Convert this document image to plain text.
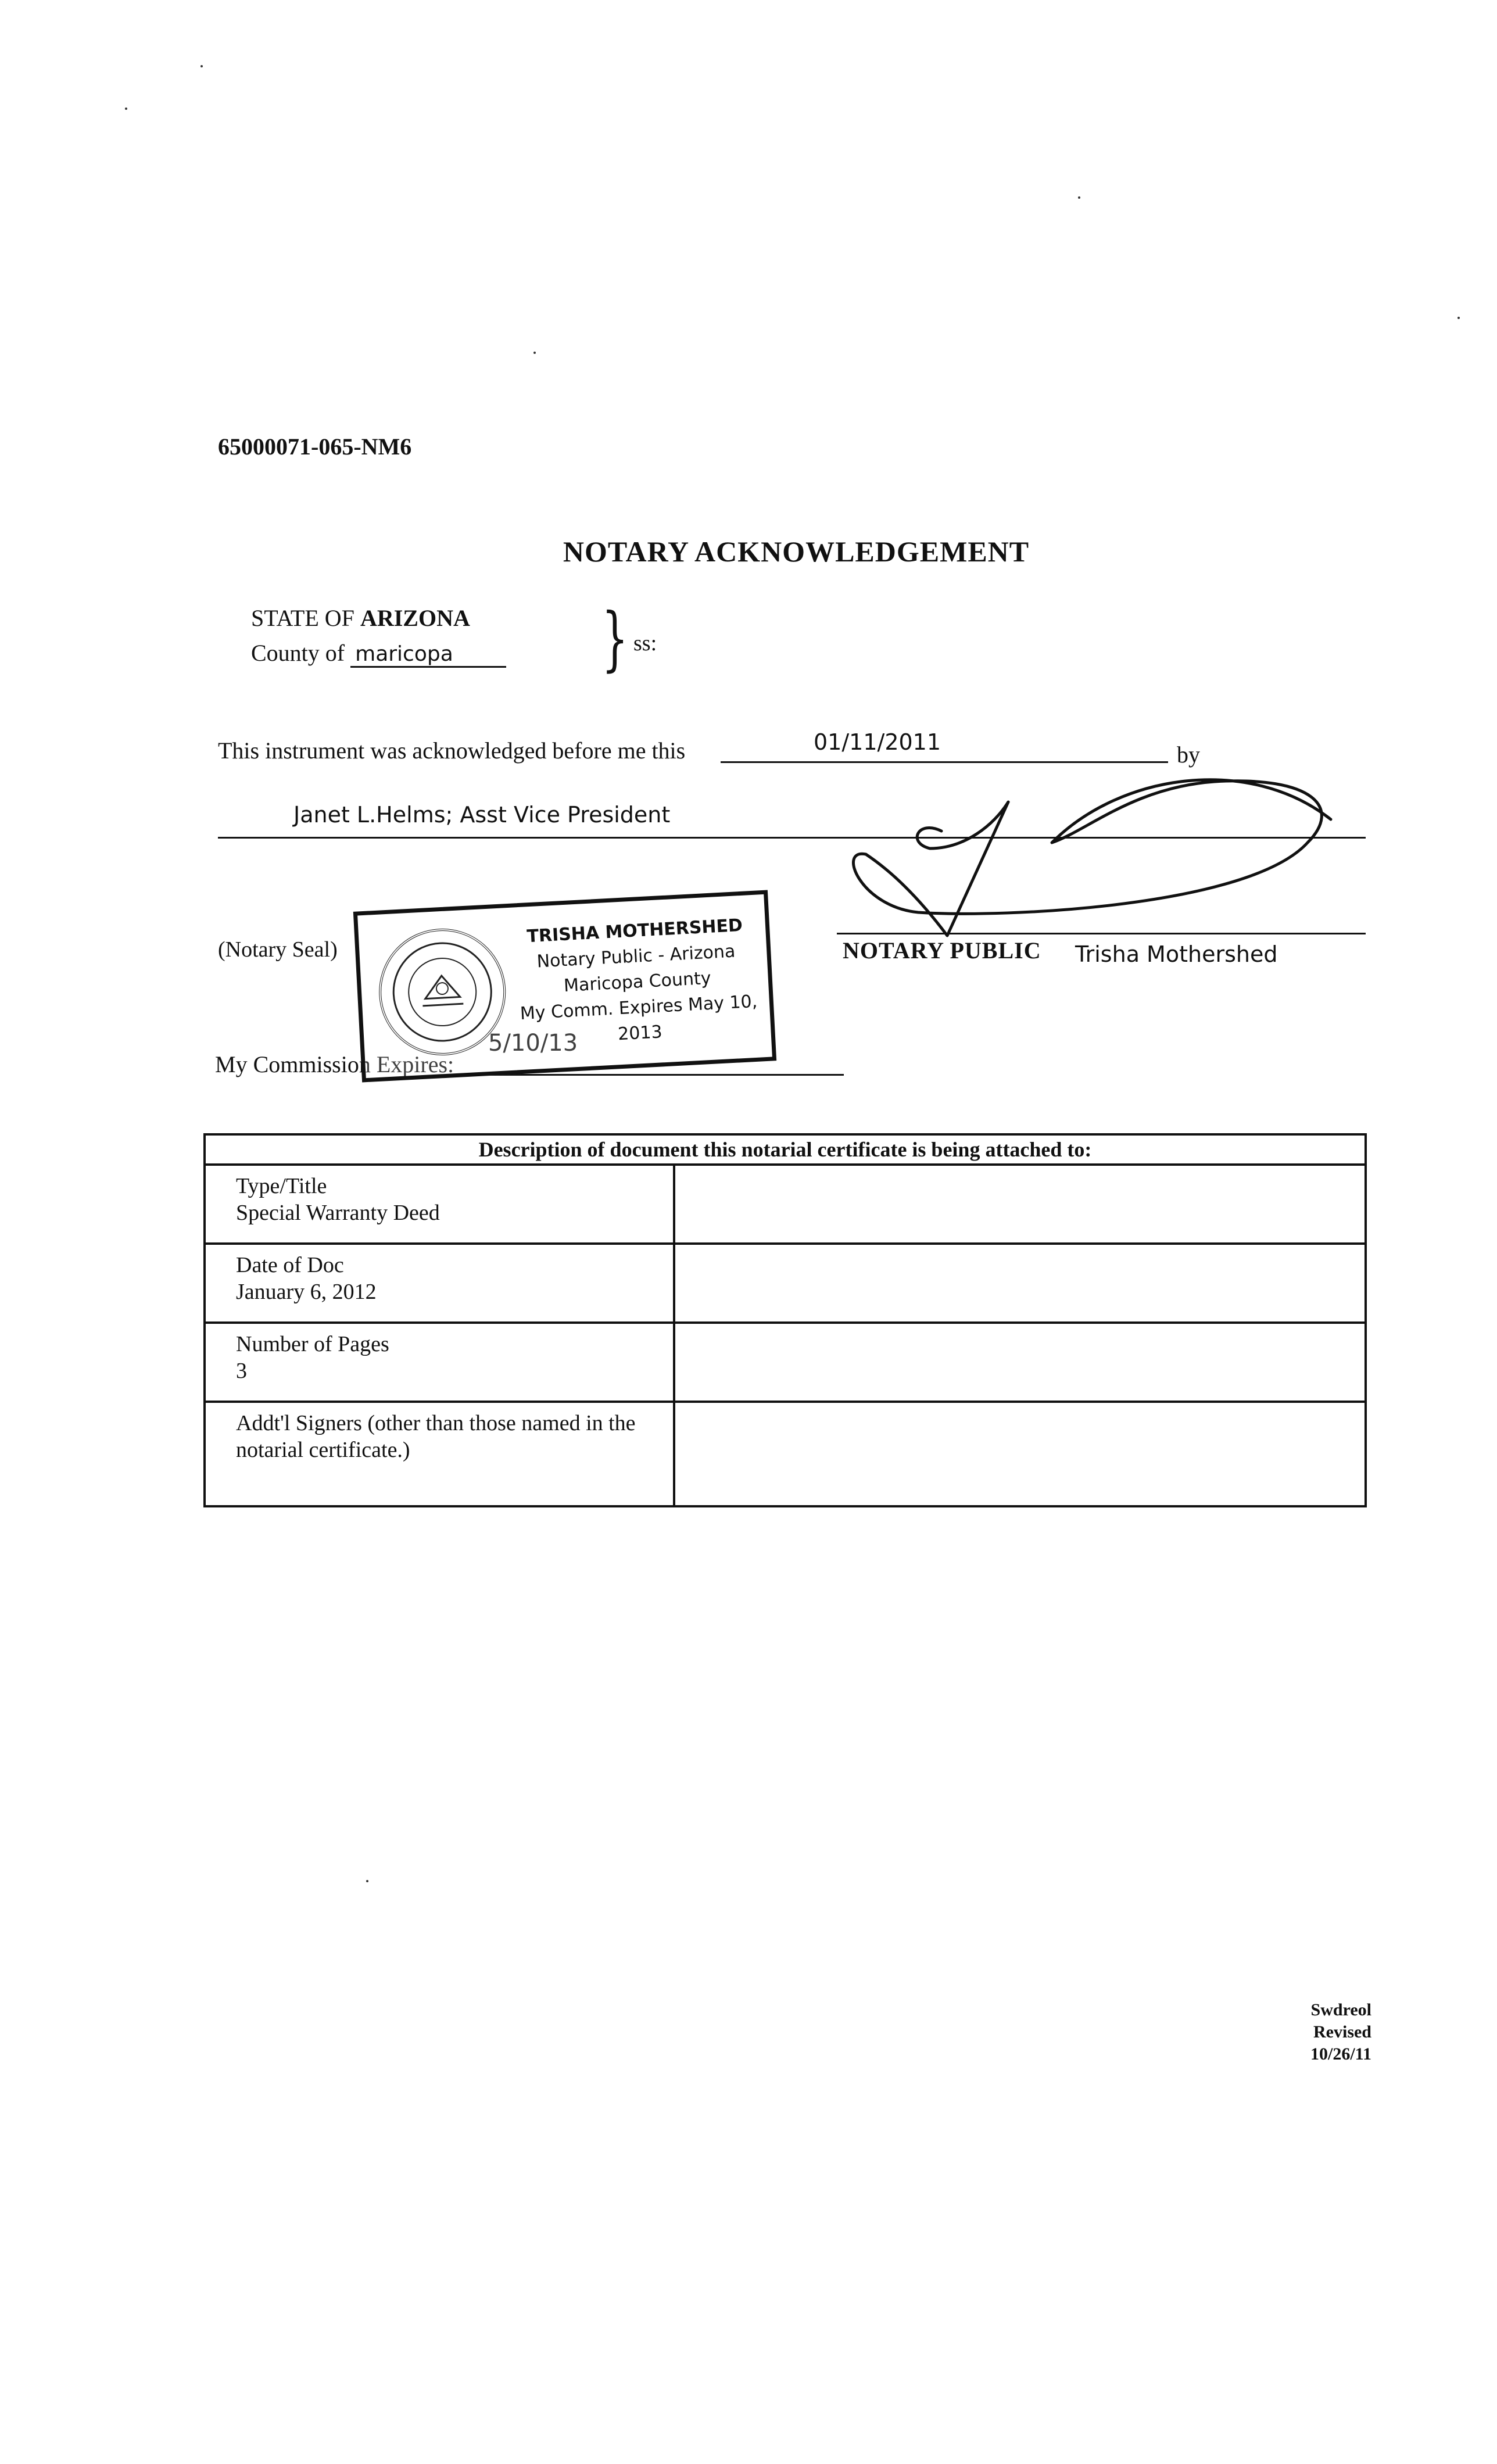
65000071-065-NM6
NOTARY ACKNOWLEDGEMENT
STATE OF ARIZONA
County of maricopa	} ss:
This instrument was acknowledged before me this	01/11/2011	by
Janet L.Helms; Asst Vice President
(Notary Seal)	NOTARY PUBLIC Trisha Mothershed
My Commission Expires:
5/10/13
TRISHA MOTHERSHED
Notary Public - Arizona
Maricopa County
My Comm. Expires May 10, 2013
Description of document this notarial certificate is being attached to:	

Type/Title
Special Warranty Deed	

Date of Doc
January 6, 2012	

Number of Pages
3	

Addt'l Signers (other than those named in the notarial certificate.)	

Swdreol
Revised 10/26/11
